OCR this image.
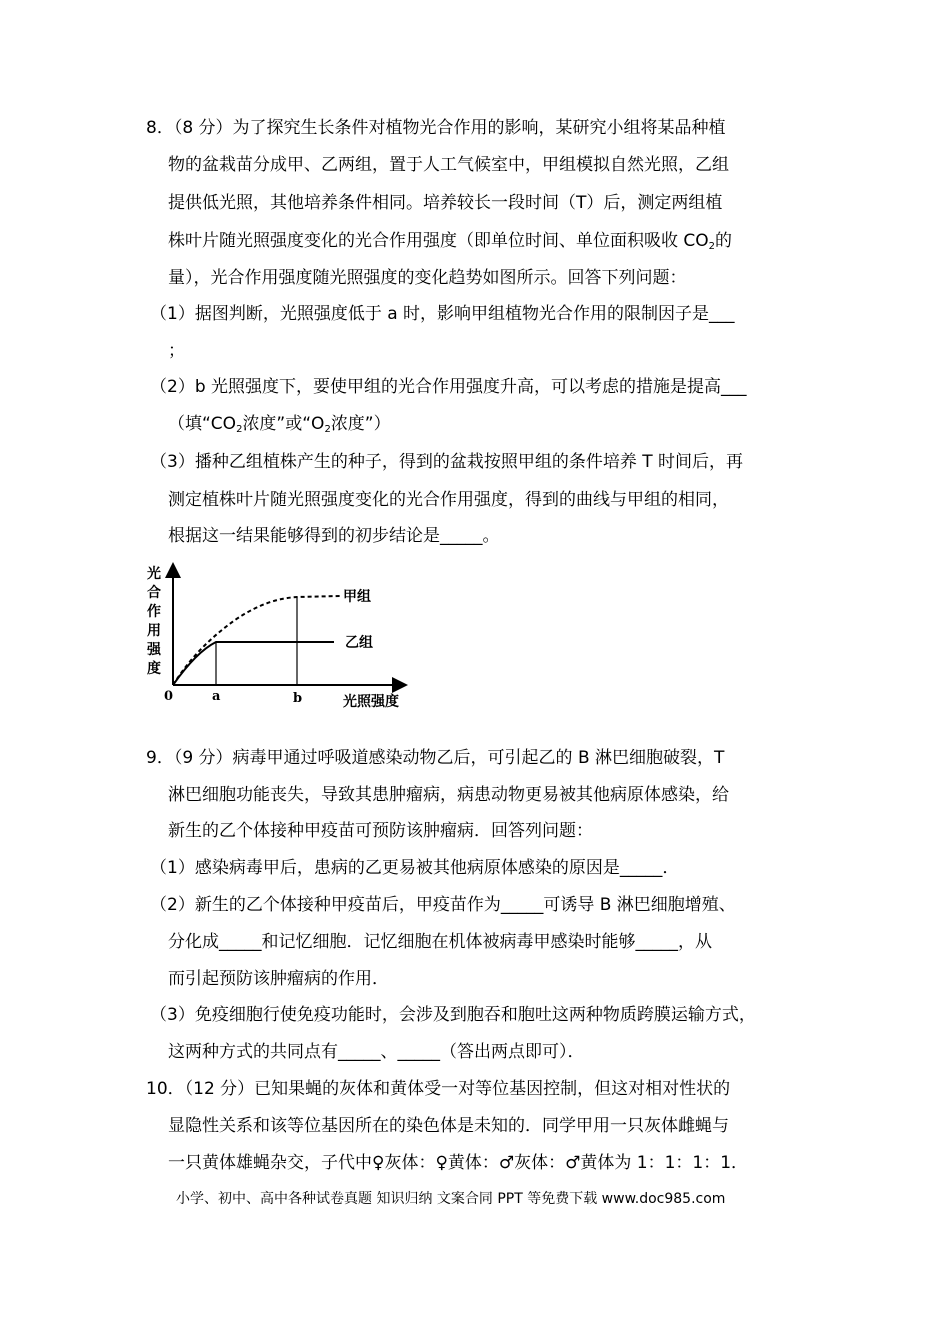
8．（8 分）为了探究生长条件对植物光合作用的影响，某研究小组将某品种植
物的盆栽苗分成甲、乙两组，置于人工气候室中，甲组模拟自然光照，乙组
提供低光照，其他培养条件相同。培养较长一段时间（T）后，测定两组植
株叶片随光照强度变化的光合作用强度（即单位时间、单位面积吸收 $CO_2$的
量），光合作用强度随光照强度的变化趋势如图所示。回答下列问题：
（1）据图判断，光照强度低于 a 时，影响甲组植物光合作用的限制因子是___
；
（2）b 光照强度下，要使甲组的光合作用强度升高，可以考虑的措施是提高___
（填“$CO_2$浓度”或“$O_2$浓度”）
（3）播种乙组植株产生的种子，得到的盆栽按照甲组的条件培养 T 时间后，再
测定植株叶片随光照强度变化的光合作用强度，得到的曲线与甲组的相同，
根据这一结果能够得到的初步结论是_____。
光
合
作
用
强
度
甲组
乙组
0	a	b	光照强度
9．（9 分）病毒甲通过呼吸道感染动物乙后，可引起乙的 B 淋巴细胞破裂，T
淋巴细胞功能丧失，导致其患肿瘤病，病患动物更易被其他病原体感染，给
新生的乙个体接种甲疫苗可预防该肿瘤病．回答列问题：
（1）感染病毒甲后，患病的乙更易被其他病原体感染的原因是_____．
（2）新生的乙个体接种甲疫苗后，甲疫苗作为_____可诱导 B 淋巴细胞增殖、
分化成_____和记忆细胞．记忆细胞在机体被病毒甲感染时能够_____，从
而引起预防该肿瘤病的作用．
（3）免疫细胞行使免疫功能时，会涉及到胞吞和胞吐这两种物质跨膜运输方式，
这两种方式的共同点有_____、_____（答出两点即可）．
10．（12 分）已知果蝇的灰体和黄体受一对等位基因控制，但这对相对性状的
显隐性关系和该等位基因所在的染色体是未知的．同学甲用一只灰体雌蝇与
一只黄体雄蝇杂交，子代中♀灰体：♀黄体：♂灰体：♂黄体为 1：1：1：1．
小学、初中、高中各种试卷真题 知识归纳 文案合同 PPT 等免费下载 www.doc985.com
